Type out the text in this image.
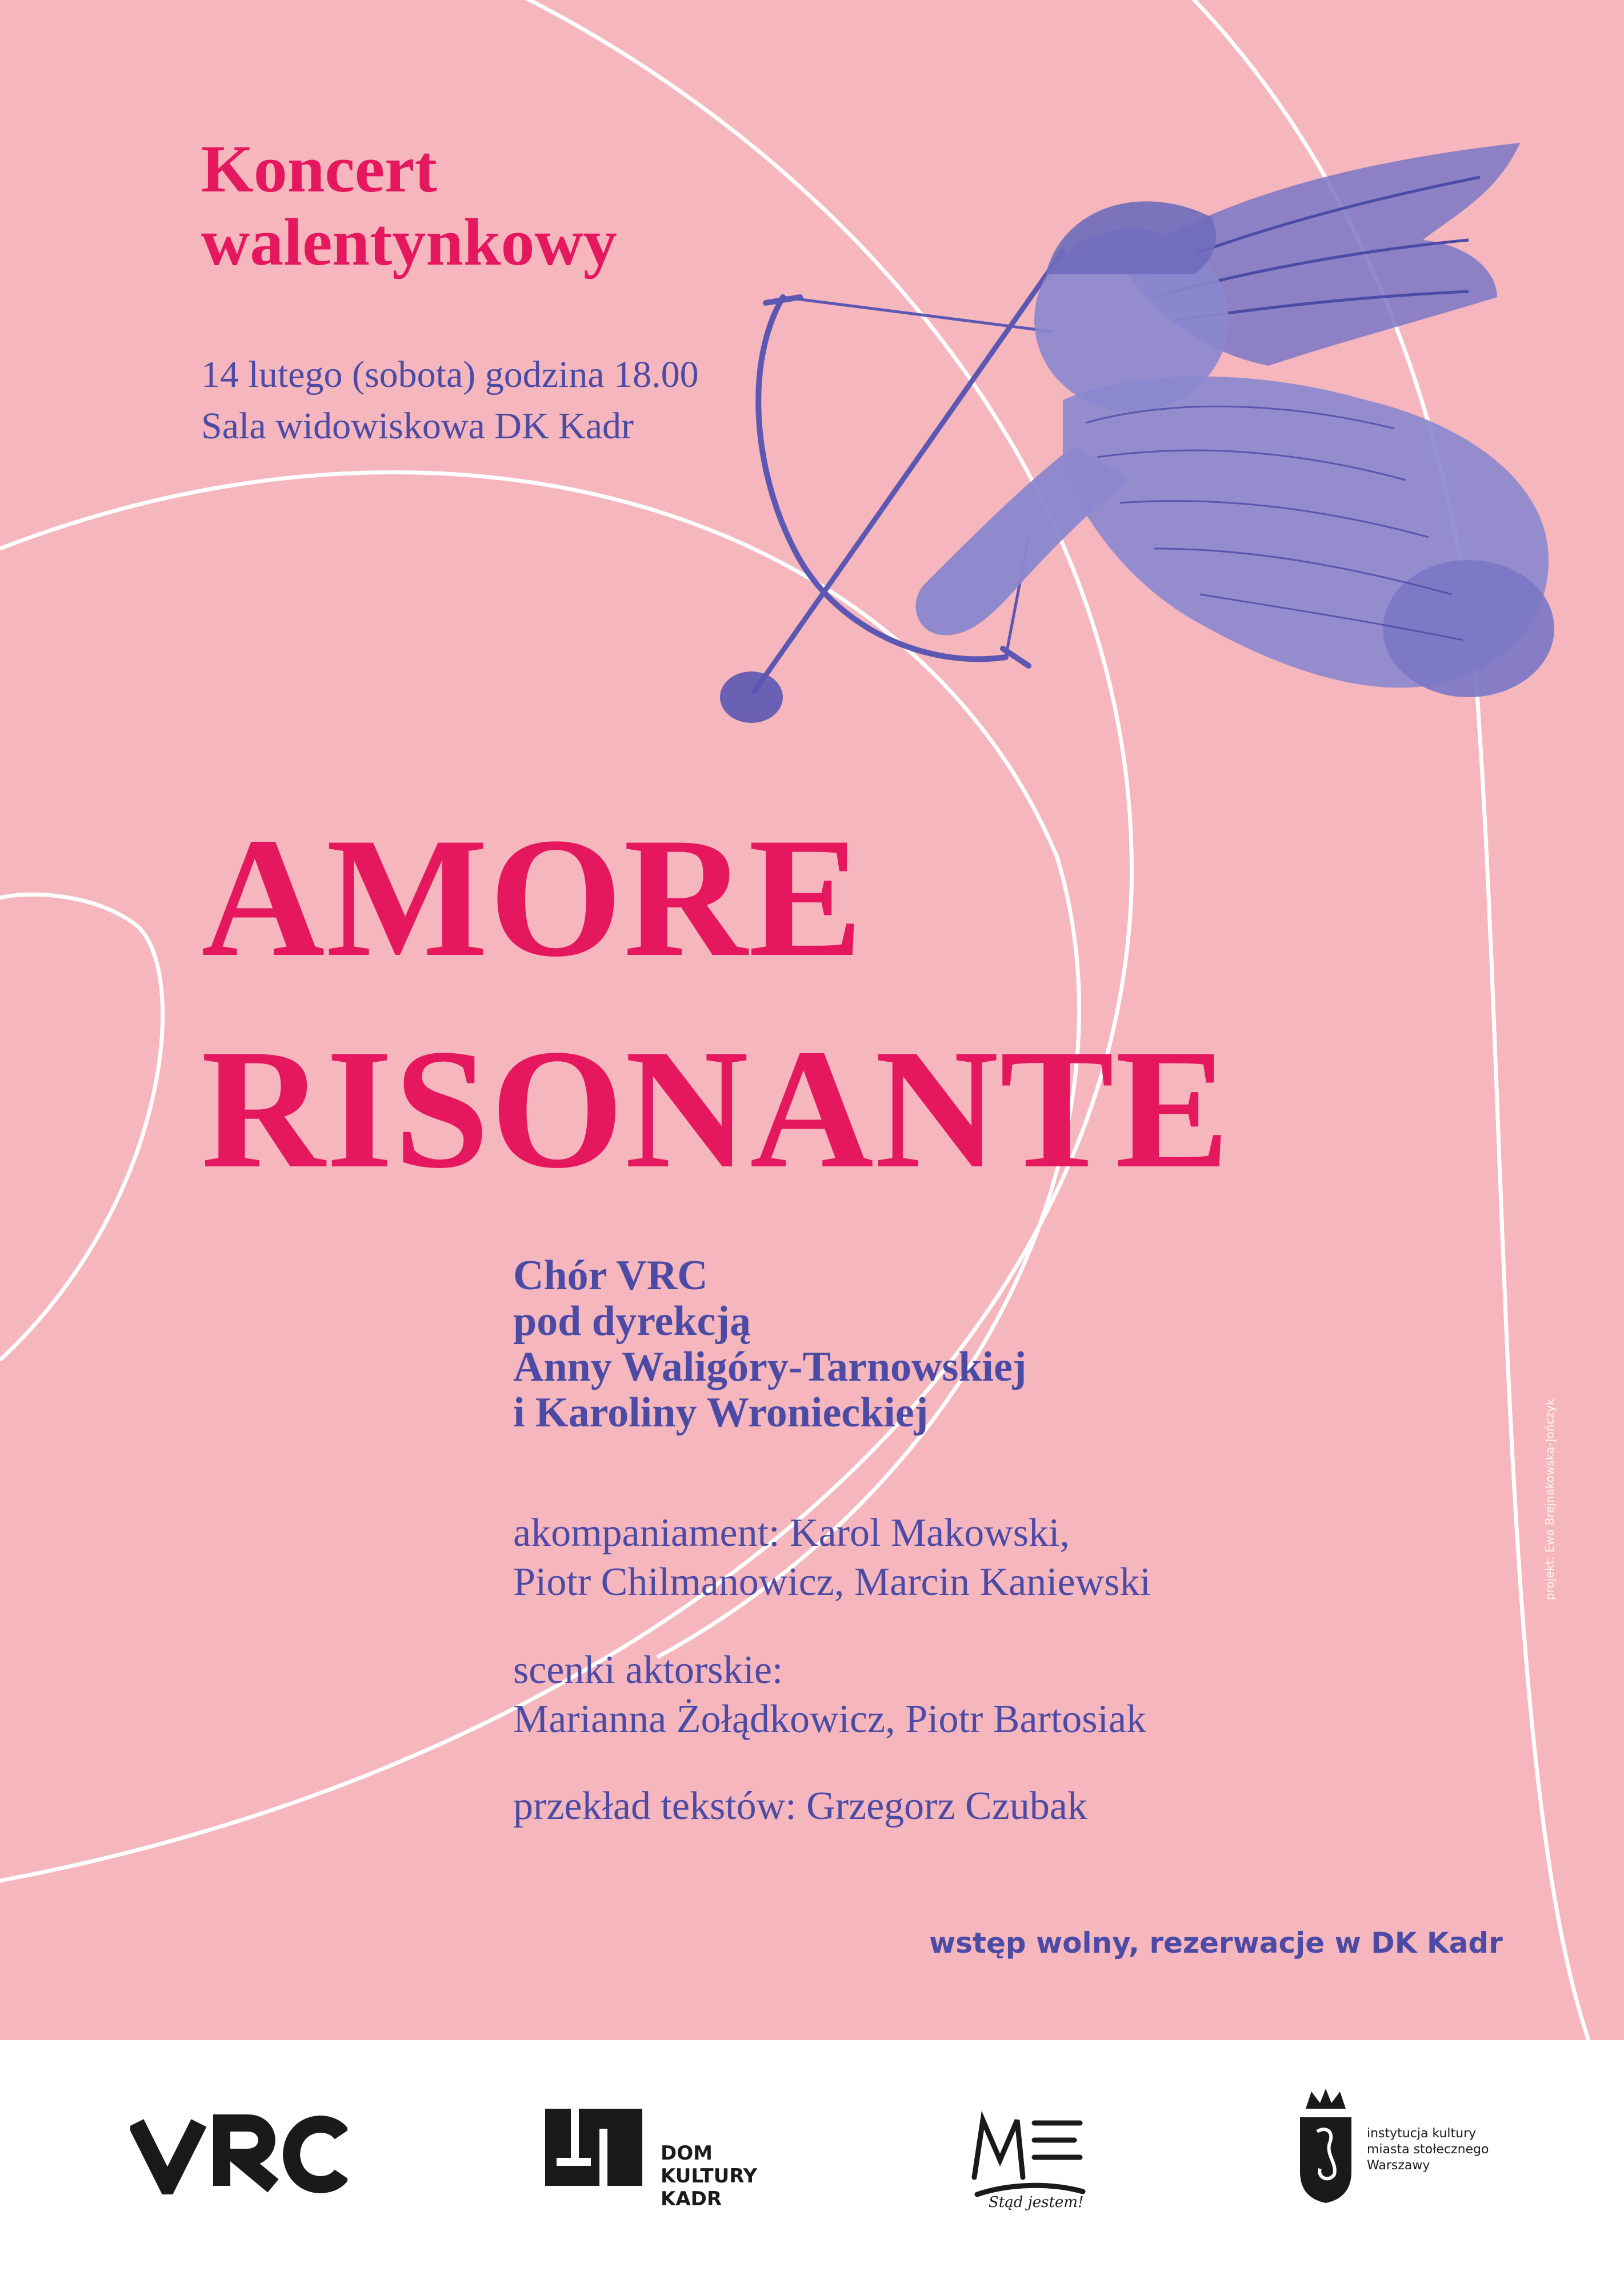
Koncert
walentynkowy

14 lutego (sobota) godzina 18.00

Sala widowiskowa DK Kadr

AMORE
RISONANTE

Chór VRC

pod dyrekcją

Anny Waligóry-Tarnowskiej

i Karoliny Wronieckiej

akompaniament: Karol Makowski,

Piotr Chilmanowicz, Marcin Kaniewski

scenki aktorskie:

Marianna Żołądkowicz, Piotr Bartosiak

przekład tekstów: Grzegorz Czubak

wstęp wolny, rezerwacje w DK Kadr

projekt: Ewa Brejnakowska-Jończyk
DOM
KULTURY
KADR	Stąd jestem!
instytucja kultury
miasta stołecznego
Warszawy
